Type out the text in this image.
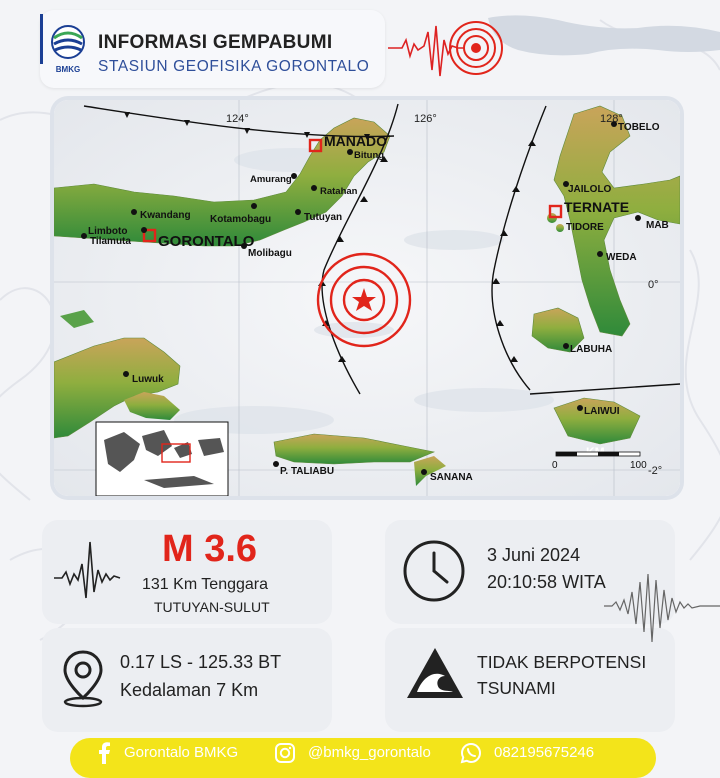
BMKG
INFORMASI GEMPABUMI
STASIUN GEOFISIKA GORONTALO
124°	126°	128°
0°
-2°
MANADO
Bitung
Amurang
Ratahan
Kwandang Kotamobagu	Tutuyan
Limboto
Tilamuta GORONTALO
Molibagu
Luwuk
P. TALIABU
SANANA
TOBELO
JAILOLO
TERNATE
TIDORE	MAB
WEDA
LABUHA
LAIWUI
0	100
M 3.6
131 Km Tenggara
TUTUYAN-SULUT
3 Juni 2024
20:10:58 WITA
0.17 LS - 125.33 BT
Kedalaman 7 Km
TIDAK BERPOTENSI
TSUNAMI
Gorontalo BMKG	@bmkg_gorontalo	082195675246
